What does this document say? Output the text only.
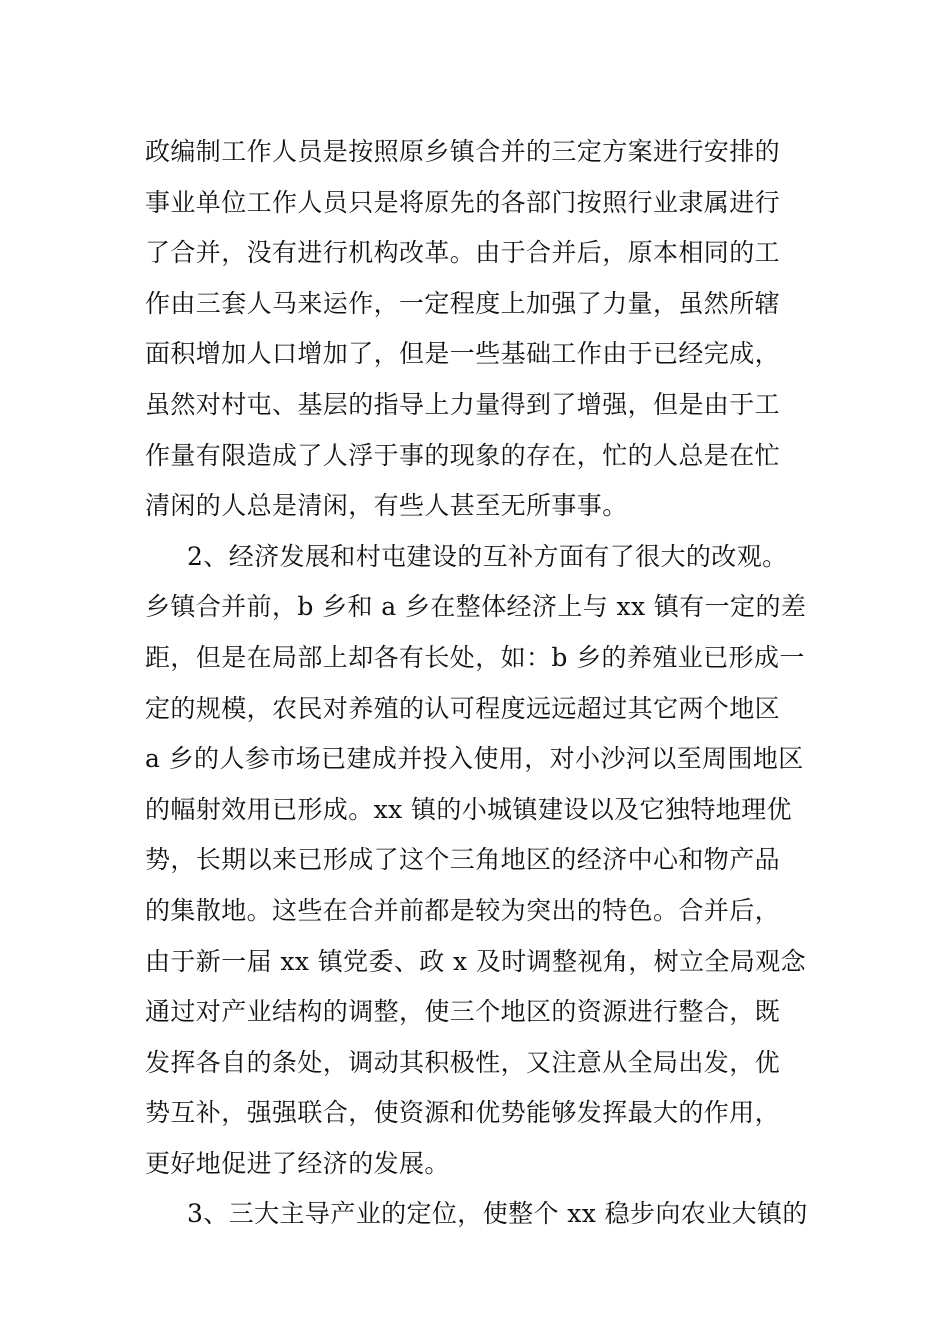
政编制工作人员是按照原乡镇合并的三定方案进行安排的
事业单位工作人员只是将原先的各部门按照行业隶属进行
了合并，没有进行机构改革。由于合并后，原本相同的工
作由三套人马来运作，一定程度上加强了力量，虽然所辖
面积增加人口增加了，但是一些基础工作由于已经完成，
虽然对村屯、基层的指导上力量得到了增强，但是由于工
作量有限造成了人浮于事的现象的存在，忙的人总是在忙
清闲的人总是清闲，有些人甚至无所事事。
2、经济发展和村屯建设的互补方面有了很大的改观。
乡镇合并前，b 乡和 a 乡在整体经济上与 xx 镇有一定的差
距，但是在局部上却各有长处，如：b 乡的养殖业已形成一
定的规模，农民对养殖的认可程度远远超过其它两个地区
a 乡的人参市场已建成并投入使用，对小沙河以至周围地区
的幅射效用已形成。xx 镇的小城镇建设以及它独特地理优
势，长期以来已形成了这个三角地区的经济中心和物产品
的集散地。这些在合并前都是较为突出的特色。合并后，
由于新一届 xx 镇党委、政 x 及时调整视角，树立全局观念
通过对产业结构的调整，使三个地区的资源进行整合，既
发挥各自的条处，调动其积极性，又注意从全局出发，优
势互补，强强联合，使资源和优势能够发挥最大的作用，
更好地促进了经济的发展。
3、三大主导产业的定位，使整个 xx 稳步向农业大镇的
